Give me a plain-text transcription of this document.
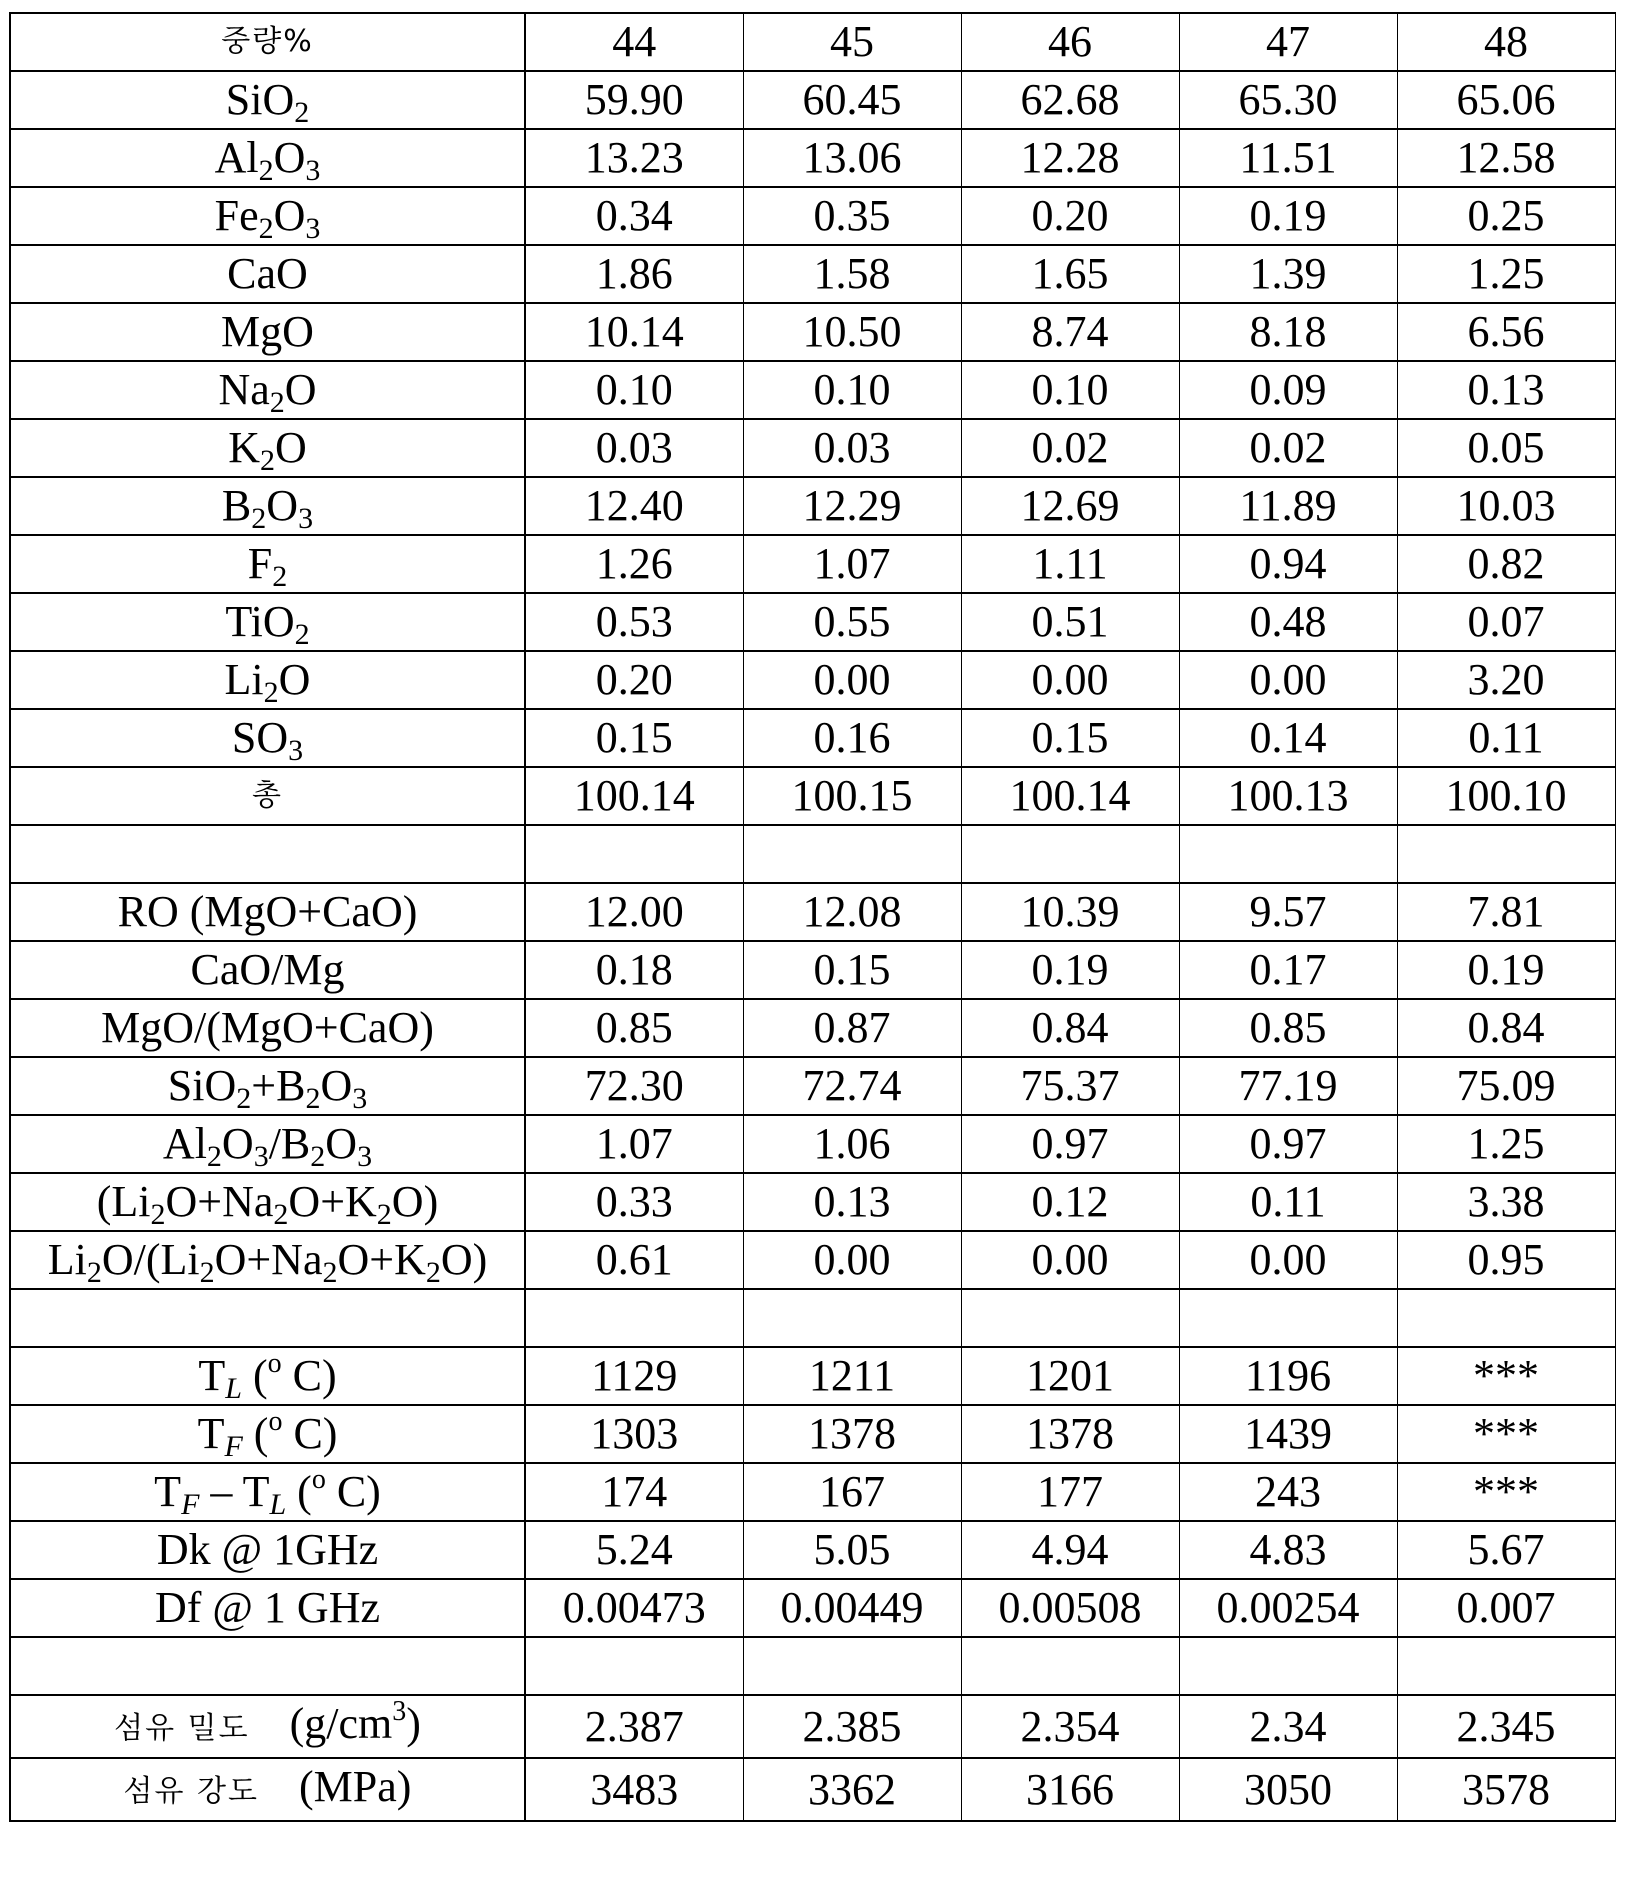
중량%	44	45	46	47	48
SiO$_2$	59.90	60.45	62.68	65.30	65.06
$Al_2O_3$	13.23	13.06	12.28	11.51	12.58
$Fe_2O_3$	0.34	0.35	0.20	0.19	0.25
CaO	1.86	1.58	1.65	1.39	1.25
MgO	10.14	10.50	8.74	8.18	6.56
$Na_2O$	0.10	0.10	0.10	0.09	0.13
$K_2O$	0.03	0.03	0.02	0.02	0.05
$B_2O_3$	12.40	12.29	12.69	11.89	10.03
$F_2$	1.26	1.07	1.11	0.94	0.82
TiO$_2$	0.53	0.55	0.51	0.48	0.07
$Li_2O$	0.20	0.00	0.00	0.00	3.20
$SO_3$	0.15	0.16	0.15	0.14	0.11
총	100.14	100.15	100.14	100.13	100.10

RO (MgO+CaO)	12.00	12.08	10.39	9.57	7.81
CaO/Mg	0.18	0.15	0.19	0.17	0.19
MgO/(MgO+CaO)	0.85	0.87	0.84	0.85	0.84
$SiO_2+B_2O_3$	72.30	72.74	75.37	77.19	75.09
$Al_2O_3/B_2O_3$	1.07	1.06	0.97	0.97	1.25
$(Li_2O+Na_2O+K_2O)$	0.33	0.13	0.12	0.11	3.38
$Li_2O/(Li_2O+Na_2O+K_2O)$	0.61	0.00	0.00	0.00	0.95

$T_L$ ($^o$ C)	1129	1211	1201	1196	***
$T_F$ ($^o$ C)	1303	1378	1378	1439	***
$T_F - T_L$ ($^o$ C)	174	167	177	243	***
Dk @ 1GHz	5.24	5.05	4.94	4.83	5.67
Df @ 1 GHz	0.00473	0.00449	0.00508	0.00254	0.007

섬유 밀도 $(g/cm^3)$	2.387	2.385	2.354	2.34	2.345
섬유 강도 (MPa)	3483	3362	3166	3050	3578
